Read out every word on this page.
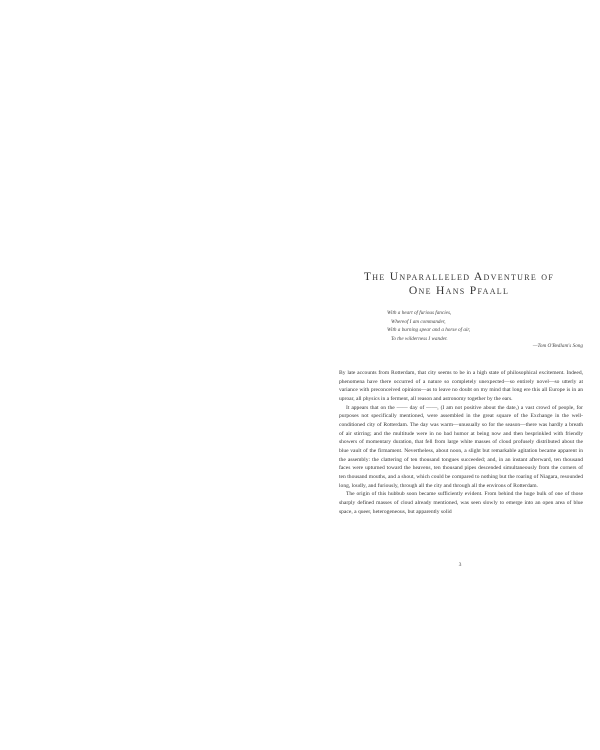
The Unparalleled Adventure of
One Hans Pfaall
With a heart of furious fancies,
Whereof I am commander,
With a burning spear and a horse of air,
To the wilderness I wander.
—Tom O'Bedlam's Song

By late accounts from Rotterdam, that city seems to be in a high state of philosophical excitement. Indeed, phenomena have there occurred of a nature so completely unexpected—so entirely novel—so utterly at variance with preconceived opinions—as to leave no doubt on my mind that long ere this all Europe is in an uproar, all physics in a ferment, all reason and astronomy together by the ears.

It appears that on the —— day of ——, (I am not positive about the date,) a vast crowd of people, for purposes not specifically mentioned, were assembled in the great square of the Exchange in the well-conditioned city of Rotterdam. The day was warm—unusually so for the season—there was hardly a breath of air stirring; and the multitude were in no bad humor at being now and then besprinkled with friendly showers of momentary duration, that fell from large white masses of cloud profusely distributed about the blue vault of the firmament. Nevertheless, about noon, a slight but remarkable agitation became apparent in the assembly: the clattering of ten thousand tongues succeeded; and, in an instant afterward, ten thousand faces were upturned toward the heavens, ten thousand pipes descended simultaneously from the corners of ten thousand mouths, and a shout, which could be compared to nothing but the roaring of Niagara, resounded long, loudly, and furiously, through all the city and through all the environs of Rotterdam.

The origin of this hubbub soon became sufficiently evident. From behind the huge bulk of one of those sharply defined masses of cloud already mentioned, was seen slowly to emerge into an open area of blue space, a queer, heterogeneous, but apparently solid

3
